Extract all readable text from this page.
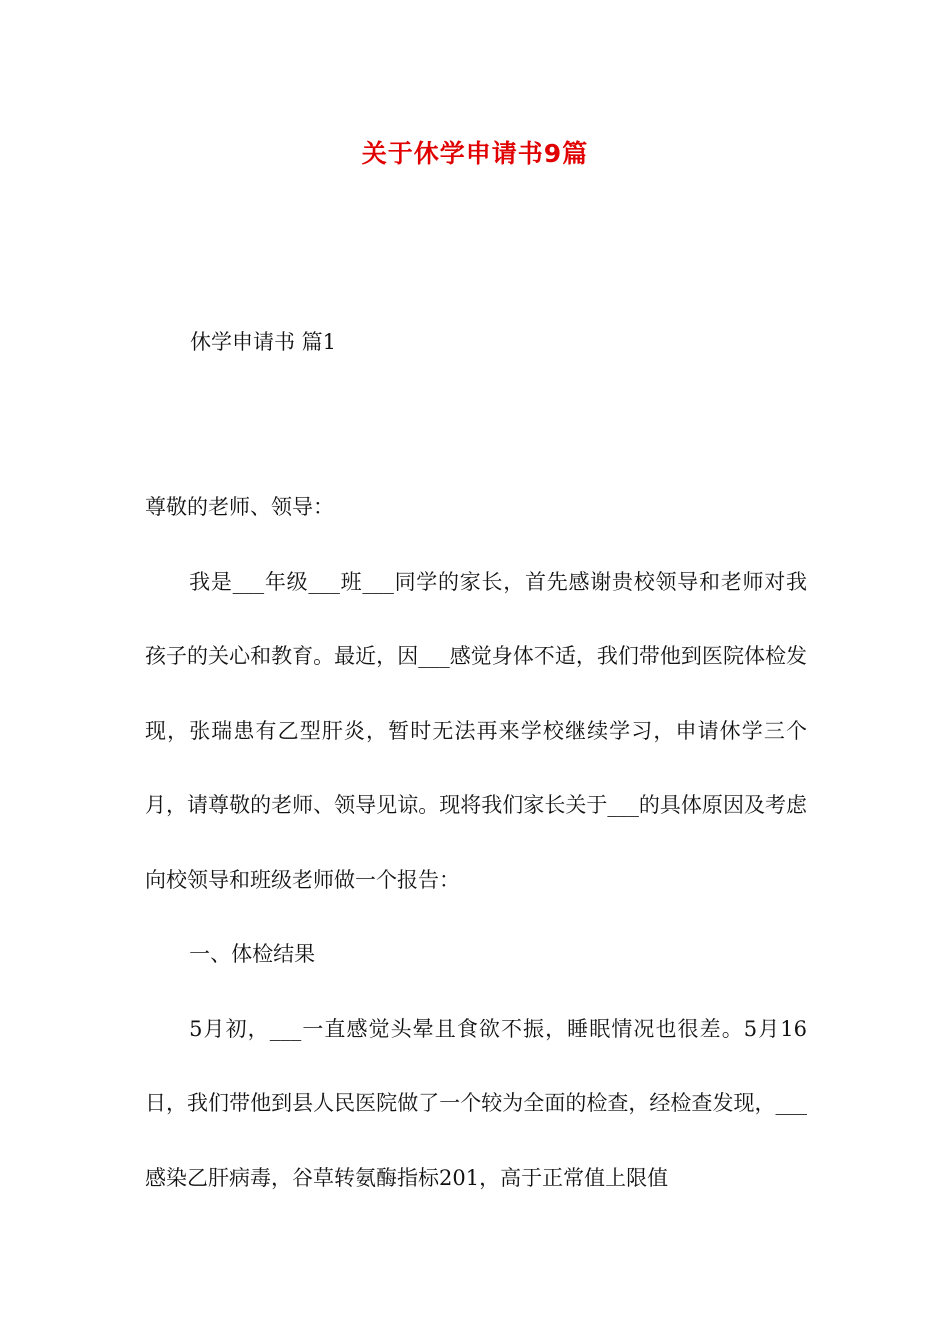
关于休学申请书9篇

休学申请书 篇1

尊敬的老师、领导：

我是___年级___班___同学的家长，首先感谢贵校领导和老师对我孩子的关心和教育。最近，因___感觉身体不适，我们带他到医院体检发现，张瑞患有乙型肝炎，暂时无法再来学校继续学习，申请休学三个月，请尊敬的老师、领导见谅。现将我们家长关于___的具体原因及考虑向校领导和班级老师做一个报告：

一、体检结果

5月初，___一直感觉头晕且食欲不振，睡眠情况也很差。5月16日，我们带他到县人民医院做了一个较为全面的检查，经检查发现，___感染乙肝病毒，谷草转氨酶指标201，高于正常值上限值
